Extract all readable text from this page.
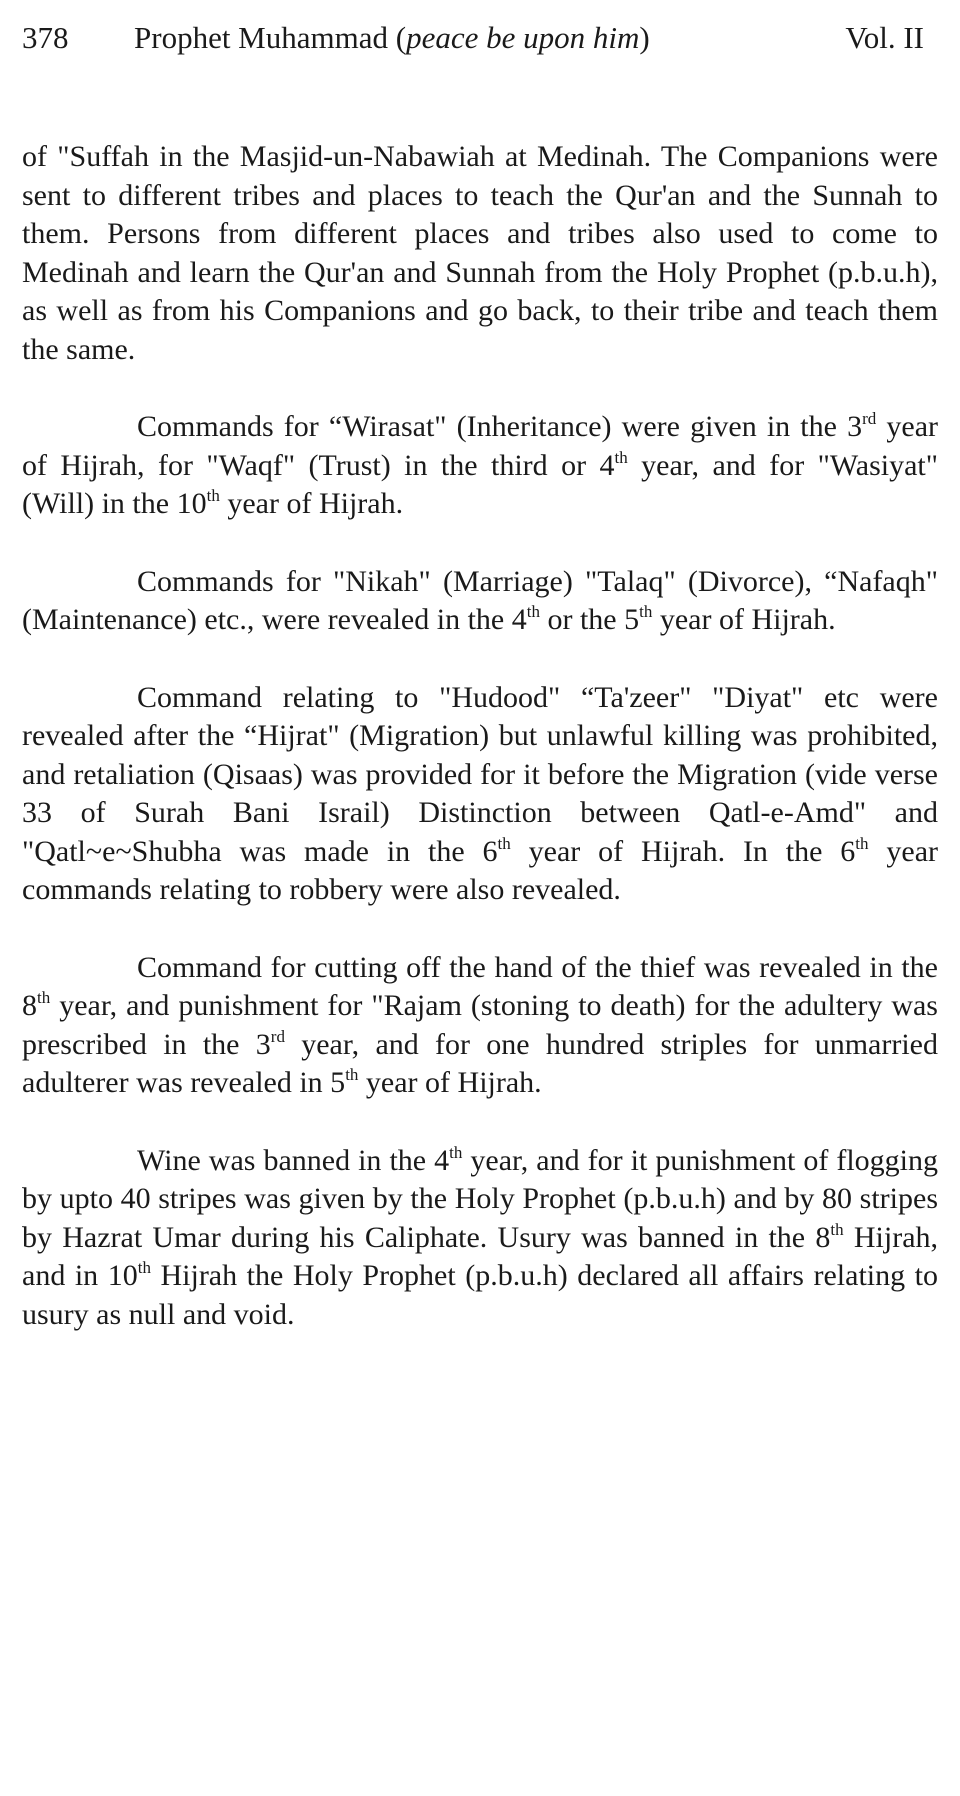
378 Prophet Muhammad (peace be upon him)	Vol. II

of "Suffah in the Masjid-un-Nabawiah at Medinah. The Companions were sent to different tribes and places to teach the Qur'an and the Sunnah to them. Persons from different places and tribes also used to come to Medinah and learn the Qur'an and Sunnah from the Holy Prophet (p.b.u.h), as well as from his Companions and go back, to their tribe and teach them the same.

Commands for “Wirasat" (Inheritance) were given in the 3rd year of Hijrah, for "Waqf" (Trust) in the third or 4th year, and for "Wasiyat" (Will) in the 10th year of Hijrah.

Commands for "Nikah" (Marriage) "Talaq" (Divorce), “Nafaqh" (Maintenance) etc., were revealed in the 4th or the 5th year of Hijrah.

Command relating to "Hudood" “Ta'zeer" "Diyat" etc were revealed after the “Hijrat" (Migration) but unlawful killing was prohibited, and retaliation (Qisaas) was provided for it before the Migration (vide verse 33 of Surah Bani Israil) Distinction between Qatl-e-Amd" and "Qatl~e~Shubha was made in the 6th year of Hijrah. In the 6th year commands relating to robbery were also revealed.

Command for cutting off the hand of the thief was revealed in the 8th year, and punishment for "Rajam (stoning to death) for the adultery was prescribed in the 3rd year, and for one hundred striples for unmarried adulterer was revealed in 5th year of Hijrah.

Wine was banned in the 4th year, and for it punishment of flogging by upto 40 stripes was given by the Holy Prophet (p.b.u.h) and by 80 stripes by Hazrat Umar during his Caliphate. Usury was banned in the 8th Hijrah, and in 10th Hijrah the Holy Prophet (p.b.u.h) declared all affairs relating to usury as null and void.
